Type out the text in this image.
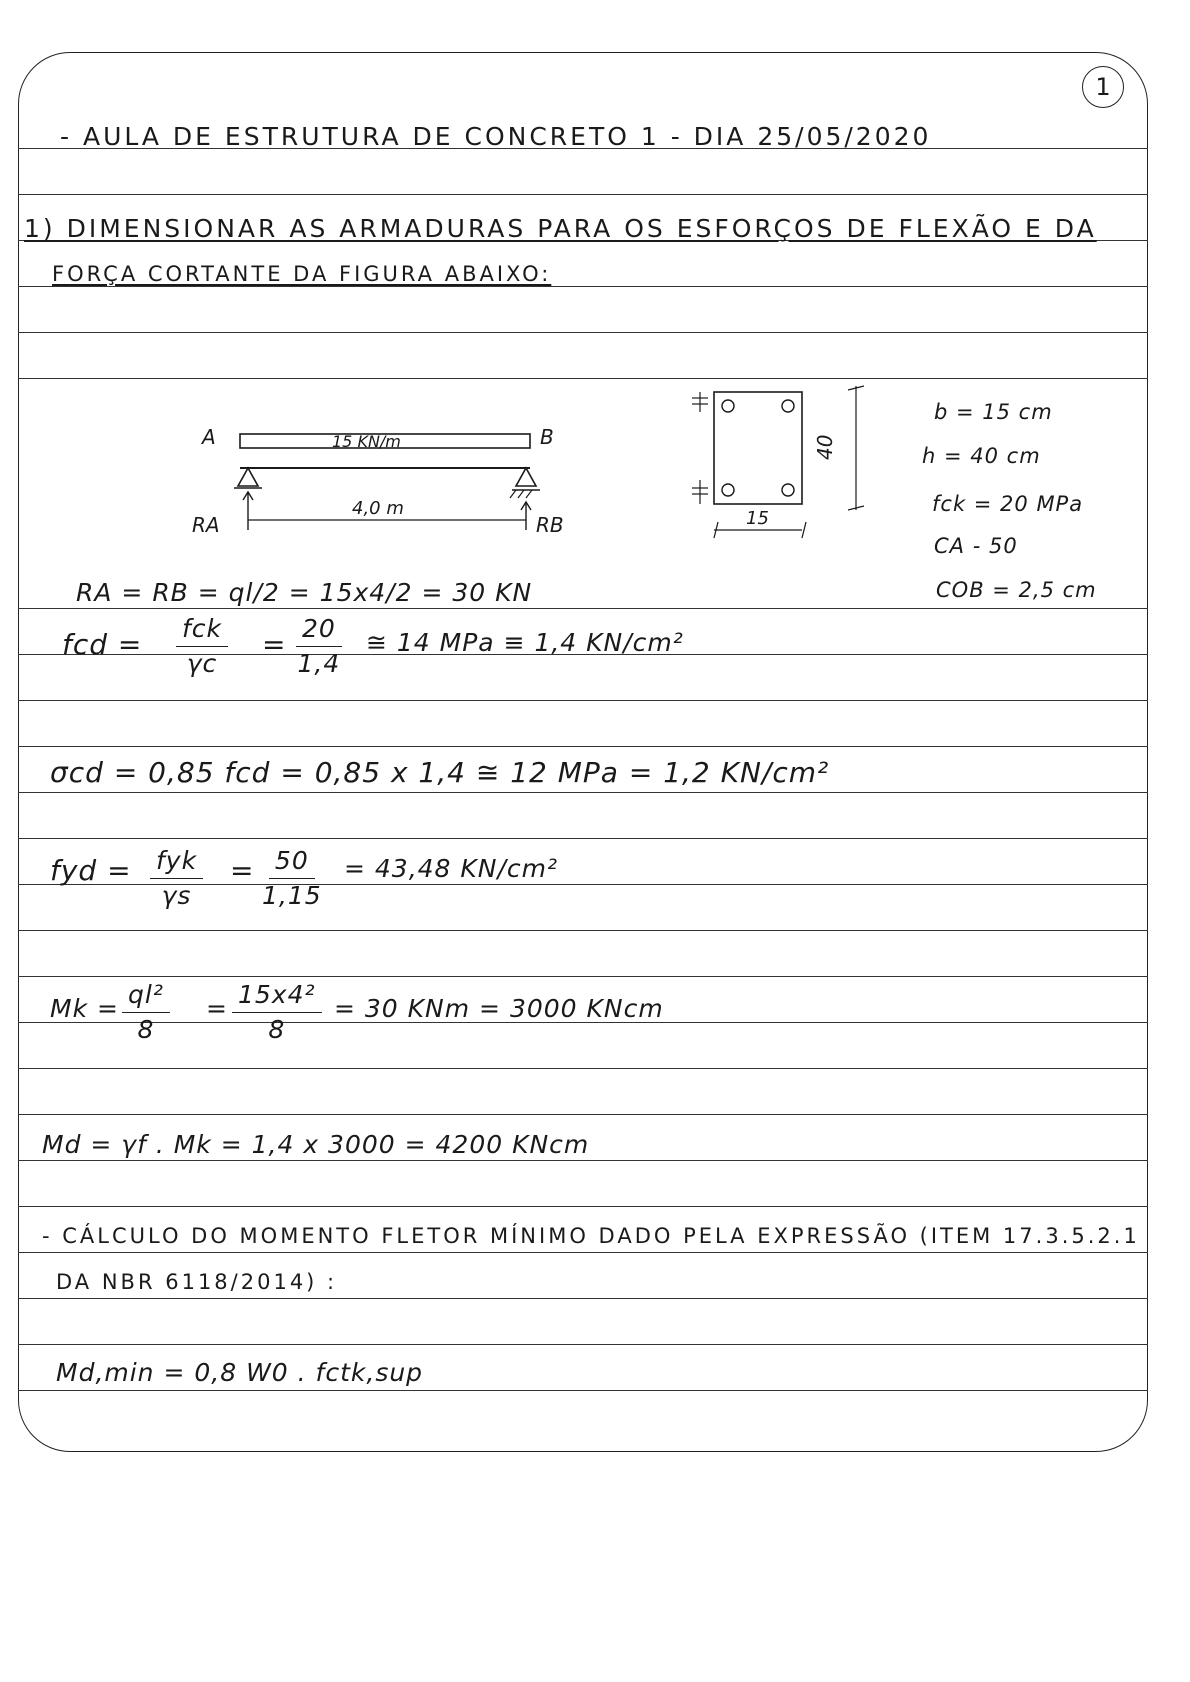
1
- AULA DE ESTRUTURA DE CONCRETO 1 - DIA 25/05/2020
1) DIMENSIONAR AS ARMADURAS PARA OS ESFORÇOS DE FLEXÃO E DA
FORÇA CORTANTE DA FIGURA ABAIXO:
A	B
15 KN/m
RA	RB
4,0 m
40
15
b = 15 cm
h = 40 cm
fck = 20 MPa
CA - 50
COB = 2,5 cm
RA = RB = ql/2 = 15x4/2 = 30 KN
fcd = fck
γc
= $\frac{20}{1,4}$ ≅ 14 MPa ≡ 1,4 KN/cm²
σcd = 0,85 fcd = 0,85 x 1,4 ≅ 12 MPa = 1,2 KN/cm²
fyd = fyk
γs
= $\frac{50}{1,15} = 43,48$ KN/cm²
$Mk = \frac{\text{ql²}}{8} = \frac{\text{15x4²}}{8} = 30$ KNm = 3000 KNcm
Md = γf . Mk = 1,4 x 3000 = 4200 KNcm
- CÁLCULO DO MOMENTO FLETOR MÍNIMO DADO PELA EXPRESSÃO (ITEM 17.3.5.2.1
DA NBR 6118/2014) :
Md,min = 0,8 W0 . fctk,sup
